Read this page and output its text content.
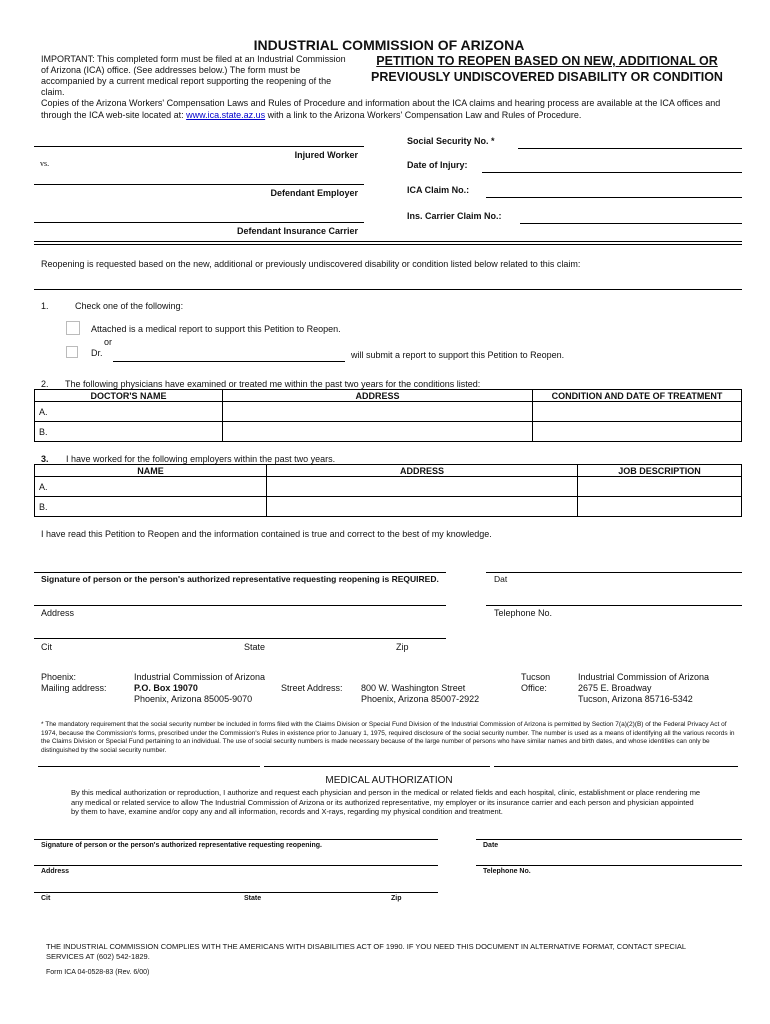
INDUSTRIAL COMMISSION OF ARIZONA
IMPORTANT: This completed form must be filed at an Industrial Commission of Arizona (ICA) office. (See addresses below.) The form must be accompanied by a current medical report supporting the reopening of the claim.
PETITION TO REOPEN BASED ON NEW, ADDITIONAL OR
PREVIOUSLY UNDISCOVERED DISABILITY OR CONDITION
Copies of the Arizona Workers' Compensation Laws and Rules of Procedure and information about the ICA claims and hearing process are available at the ICA offices and through the ICA web-site located at: www.ica.state.az.us with a link to the Arizona Workers' Compensation Law and Rules of Procedure.
Injured Worker
vs.
Defendant Employer
Defendant Insurance Carrier
Social Security No. *
Date of Injury:
ICA Claim No.:
Ins. Carrier Claim No.:
Reopening is requested based on the new, additional or previously undiscovered disability or condition listed below related to this claim:
1.	Check one of the following:
Attached is a medical report to support this Petition to Reopen.
or
Dr.	will submit a report to support this Petition to Reopen.
2. The following physicians have examined or treated me within the past two years for the conditions listed:
DOCTOR'S NAME	ADDRESS	CONDITION AND DATE OF TREATMENT
A.		
B.		
3. I have worked for the following employers within the past two years.
NAME	ADDRESS	JOB DESCRIPTION
A.		
B.		
I have read this Petition to Reopen and the information contained is true and correct to the best of my knowledge.
Signature of person or the person's authorized representative requesting reopening is REQUIRED.	Dat
Address	Telephone No.
Cit	State	Zip
Phoenix:
Mailing address:
Industrial Commission of Arizona
P.O. Box 19070
Phoenix, Arizona 85005-9070
Street Address: 800 W. Washington Street
Phoenix, Arizona 85007-2922
Tucson
Office:
Industrial Commission of Arizona
2675 E. Broadway
Tucson, Arizona 85716-5342
* The mandatory requirement that the social security number be included in forms filed with the Claims Division or Special Fund Division of the Industrial Commission of Arizona is permitted by Section 7(a)(2)(B) of the Federal Privacy Act of 1974, because the Commission's forms, prescribed under the Commission's Rules in existence prior to January 1, 1975, required disclosure of the social security number. The number is used as a means of identifying all the various records in the Claims Division or Special Fund pertaining to an individual. The use of social security numbers is made necessary because of the large number of persons who have similar names and birth dates, and whose identities can only be distinguished by the social security number.
MEDICAL AUTHORIZATION
By this medical authorization or reproduction, I authorize and request each physician and person in the medical or related fields and each hospital, clinic, establishment or place rendering me any medical or related service to allow The Industrial Commission of Arizona or its authorized representative, my employer or its insurance carrier and each person and physician appointed by them to have, examine and/or copy any and all information, records and X-rays, regarding my physical condition and treatment.
Signature of person or the person's authorized representative requesting reopening.	Date
Address	Telephone No.
Cit	State	Zip
THE INDUSTRIAL COMMISSION COMPLIES WITH THE AMERICANS WITH DISABILITIES ACT OF 1990. IF YOU NEED THIS DOCUMENT IN ALTERNATIVE FORMAT, CONTACT SPECIAL SERVICES AT (602) 542-1829.
Form ICA 04-0528-83 (Rev. 6/00)
